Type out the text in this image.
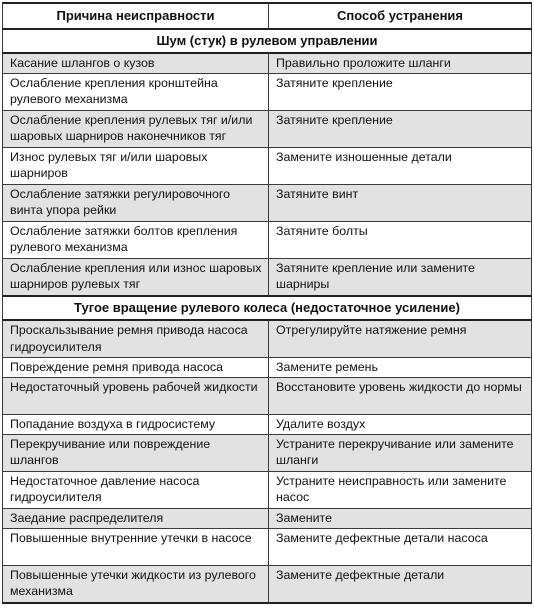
Причина неисправности	Способ устранения
Шум (стук) в рулевом управлении	
Касание шлангов о кузов	Правильно проложите шланги
Ослабление крепления кронштейна рулевого механизма	Затяните крепление
Ослабление крепления рулевых тяг и/или шаровых шарниров наконечников тяг	Затяните крепление
Износ рулевых тяг и/или шаровых шарниров	Замените изношенные детали
Ослабление затяжки регулировочного винта упора рейки	Затяните винт
Ослабление затяжки болтов крепления рулевого механизма	Затяните болты
Ослабление крепления или износ шаровых шарниров рулевых тяг	Затяните крепление или замените шарниры
Тугое вращение рулевого колеса (недостаточное усиление)	
Проскальзывание ремня привода насоса гидроусилителя	Отрегулируйте натяжение ремня
Повреждение ремня привода насоса	Замените ремень
Недостаточный уровень рабочей жидкости	Восстановите уровень жидкости до нормы
Попадание воздуха в гидросистему	Удалите воздух
Перекручивание или повреждение шлангов	Устраните перекручивание или замените шланги
Недостаточное давление насоса гидроусилителя	Устраните неисправность или замените насос
Заедание распределителя	Замените
Повышенные внутренние утечки в насосе	Замените дефектные детали насоса
Повышенные утечки жидкости из рулевого механизма	Замените дефектные детали
